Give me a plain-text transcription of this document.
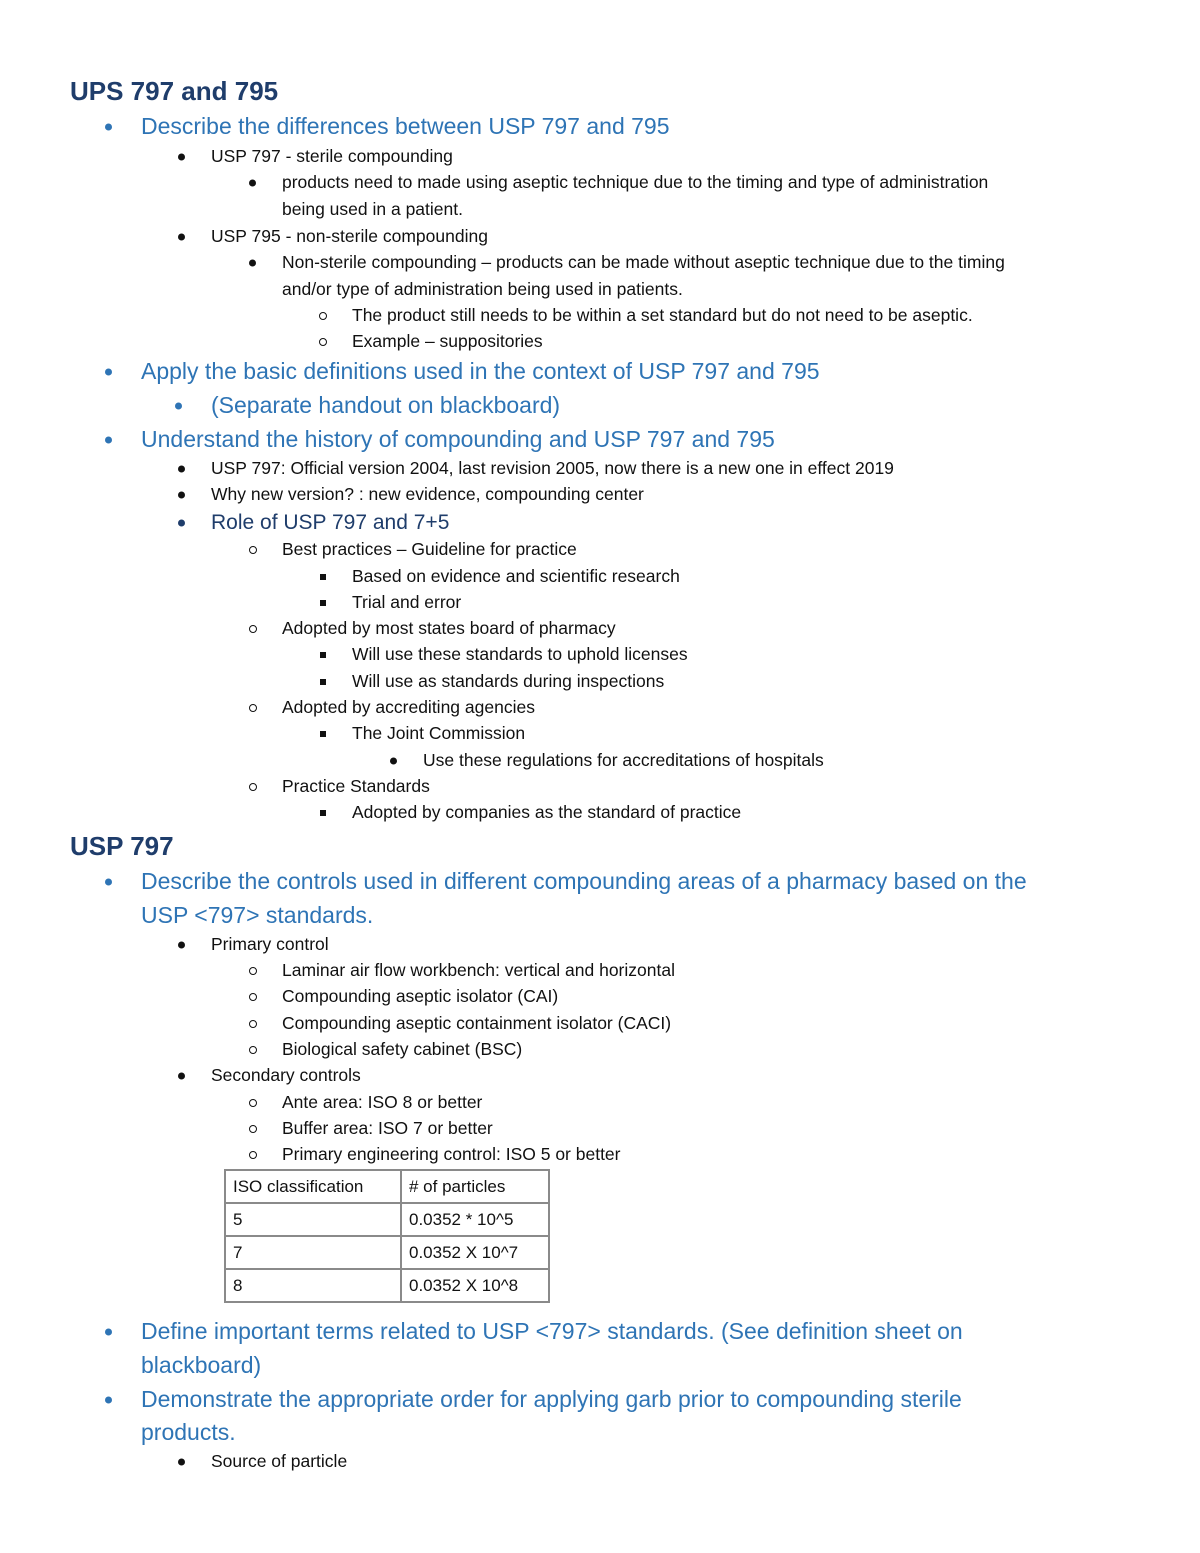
UPS 797 and 795
Describe the differences between USP 797 and 795
USP 797 - sterile compounding
products need to made using aseptic technique due to the timing and type of administration
being used in a patient.
USP 795 - non-sterile compounding
Non-sterile compounding – products can be made without aseptic technique due to the timing
and/or type of administration being used in patients.
The product still needs to be within a set standard but do not need to be aseptic.
Example – suppositories
Apply the basic definitions used in the context of USP 797 and 795
(Separate handout on blackboard)
Understand the history of compounding and USP 797 and 795
USP 797: Official version 2004, last revision 2005, now there is a new one in effect 2019
Why new version? : new evidence, compounding center
Role of USP 797 and 7+5
Best practices – Guideline for practice
Based on evidence and scientific research
Trial and error
Adopted by most states board of pharmacy
Will use these standards to uphold licenses
Will use as standards during inspections
Adopted by accrediting agencies
The Joint Commission
Use these regulations for accreditations of hospitals
Practice Standards
Adopted by companies as the standard of practice
USP 797
Describe the controls used in different compounding areas of a pharmacy based on the
USP <797> standards.
Primary control
Laminar air flow workbench: vertical and horizontal
Compounding aseptic isolator (CAI)
Compounding aseptic containment isolator (CACI)
Biological safety cabinet (BSC)
Secondary controls
Ante area: ISO 8 or better
Buffer area: ISO 7 or better
Primary engineering control: ISO 5 or better
ISO classification	# of particles
5	0.0352 * 10^5
7	0.0352 X 10^7
8	0.0352 X 10^8
Define important terms related to USP <797> standards. (See definition sheet on
blackboard)
Demonstrate the appropriate order for applying garb prior to compounding sterile
products.
Source of particle
